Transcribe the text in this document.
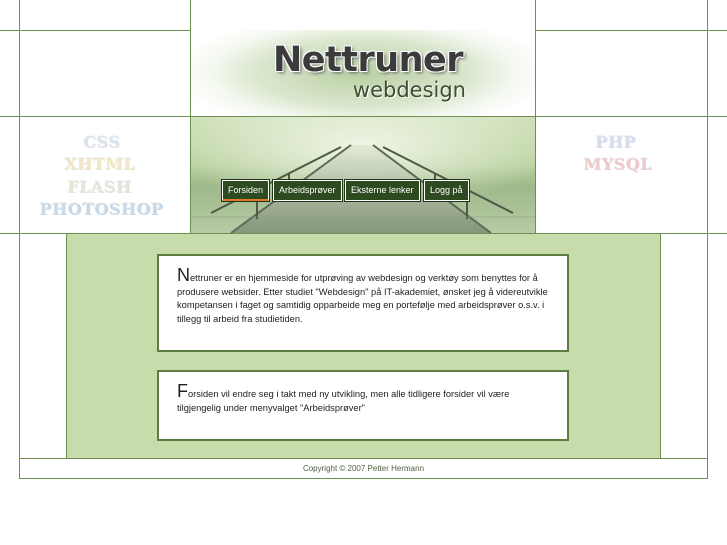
Nettruner
webdesign
CSS
XHTML
FLASH
PHOTOSHOP
PHP
MYSQL
Forsiden	Arbeidsprøver	Eksterne lenker	Logg på
Nettruner er en hjemmeside for utprøving av webdesign og verktøy som benyttes for å produsere websider. Etter studiet "Webdesign" på IT-akademiet, ønsket jeg å videreutvikle kompetansen i faget og samtidig opparbeide meg en portefølje med arbeidsprøver o.s.v. i tillegg til arbeid fra studietiden.
Forsiden vil endre seg i takt med ny utvikling, men alle tidligere forsider vil være tilgjengelig under menyvalget "Arbeidsprøver"
Copyright © 2007 Petter Hermann
